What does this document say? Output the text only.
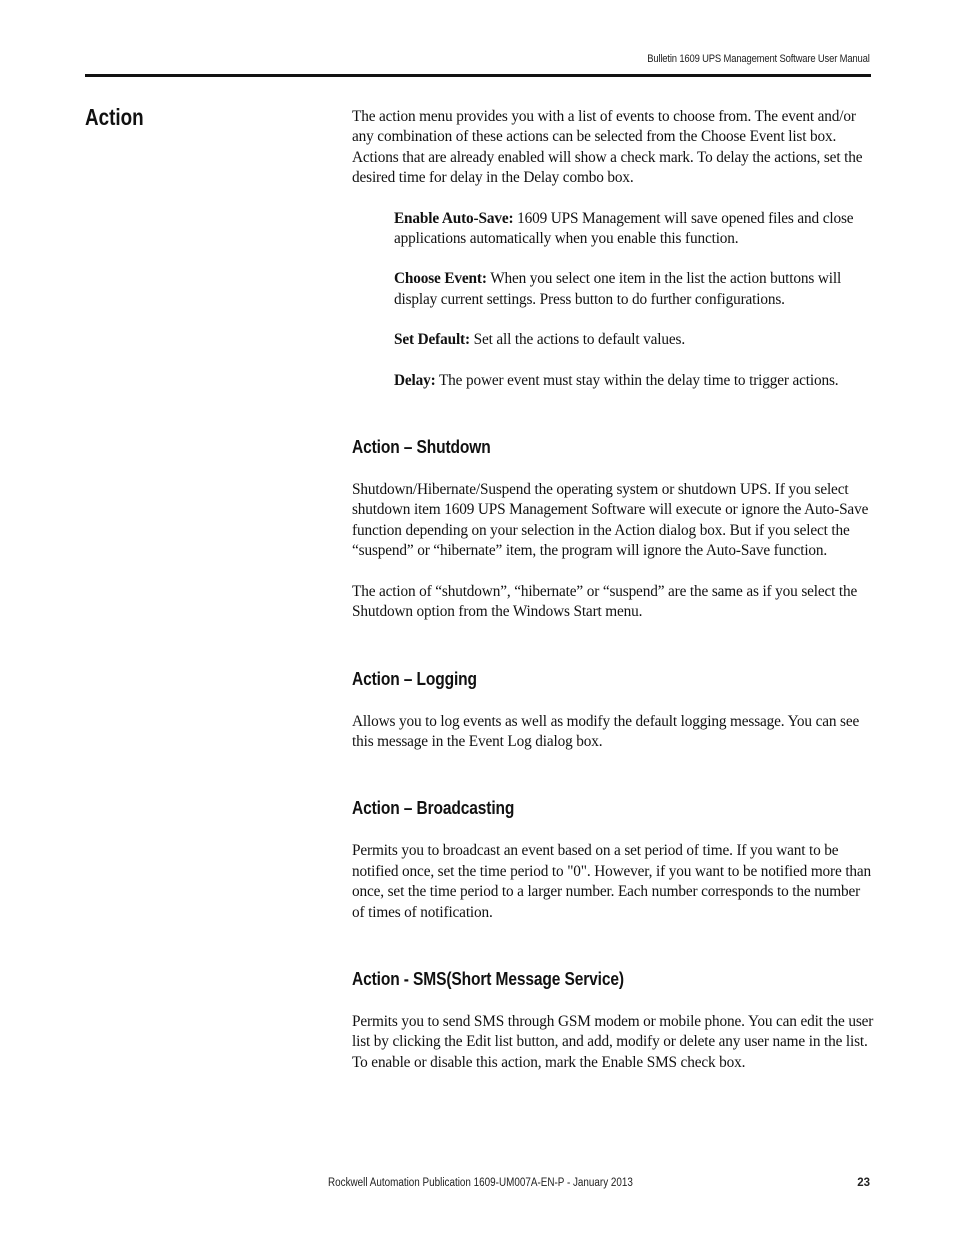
Bulletin 1609 UPS Management Software User Manual
Action	The action menu provides you with a list of events to choose from. The event and/or any combination of these actions can be selected from the Choose Event list box. Actions that are already enabled will show a check mark. To delay the actions, set the desired time for delay in the Delay combo box.

Enable Auto-Save: 1609 UPS Management will save opened files and close applications automatically when you enable this function.

Choose Event: When you select one item in the list the action buttons will display current settings. Press button to do further configurations.

Set Default: Set all the actions to default values.

Delay: The power event must stay within the delay time to trigger actions.

Action – Shutdown

Shutdown/Hibernate/Suspend the operating system or shutdown UPS. If you select shutdown item 1609 UPS Management Software will execute or ignore the Auto-Save function depending on your selection in the Action dialog box. But if you select the “suspend” or “hibernate” item, the program will ignore the Auto-Save function.

The action of “shutdown”, “hibernate” or “suspend” are the same as if you select the Shutdown option from the Windows Start menu.

Action – Logging

Allows you to log events as well as modify the default logging message. You can see this message in the Event Log dialog box.

Action – Broadcasting

Permits you to broadcast an event based on a set period of time. If you want to be notified once, set the time period to "0". However, if you want to be notified more than once, set the time period to a larger number. Each number corresponds to the number of times of notification.

Action - SMS(Short Message Service)

Permits you to send SMS through GSM modem or mobile phone. You can edit the user list by clicking the Edit list button, and add, modify or delete any user name in the list. To enable or disable this action, mark the Enable SMS check box.

Rockwell Automation Publication 1609-UM007A-EN-P - January 2013	23
